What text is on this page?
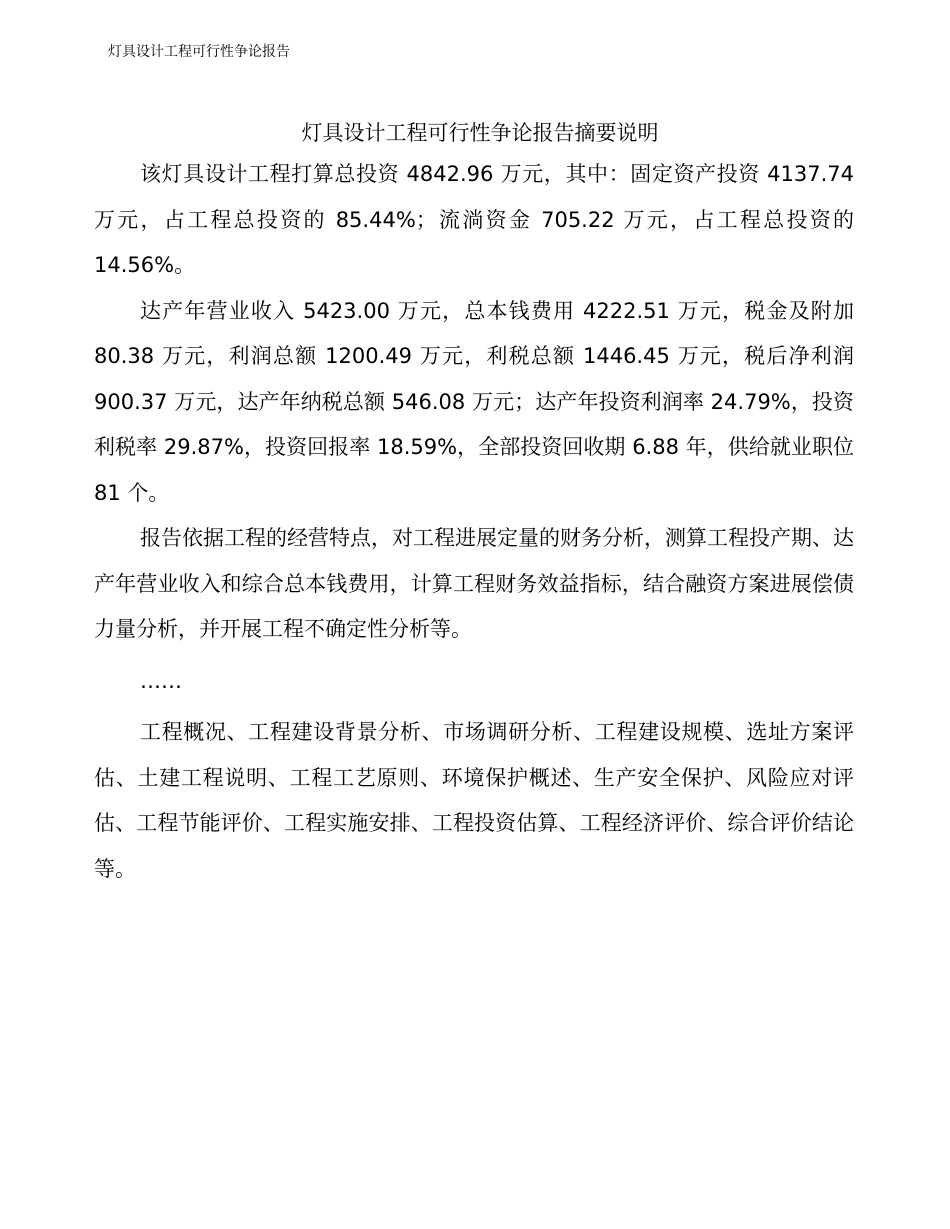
灯具设计工程可行性争论报告
灯具设计工程可行性争论报告摘要说明

该灯具设计工程打算总投资 4842.96 万元，其中：固定资产投资 4137.74 万元，占工程总投资的 85.44%；流淌资金 705.22 万元，占工程总投资的 14.56%。

达产年营业收入 5423.00 万元，总本钱费用 4222.51 万元，税金及附加 80.38 万元，利润总额 1200.49 万元，利税总额 1446.45 万元，税后净利润 900.37 万元，达产年纳税总额 546.08 万元；达产年投资利润率 24.79%，投资利税率 29.87%，投资回报率 18.59%，全部投资回收期 6.88 年，供给就业职位 81 个。

报告依据工程的经营特点，对工程进展定量的财务分析，测算工程投产期、达产年营业收入和综合总本钱费用，计算工程财务效益指标，结合融资方案进展偿债力量分析，并开展工程不确定性分析等。

……

工程概况、工程建设背景分析、市场调研分析、工程建设规模、选址方案评估、土建工程说明、工程工艺原则、环境保护概述、生产安全保护、风险应对评估、工程节能评价、工程实施安排、工程投资估算、工程经济评价、综合评价结论等。
